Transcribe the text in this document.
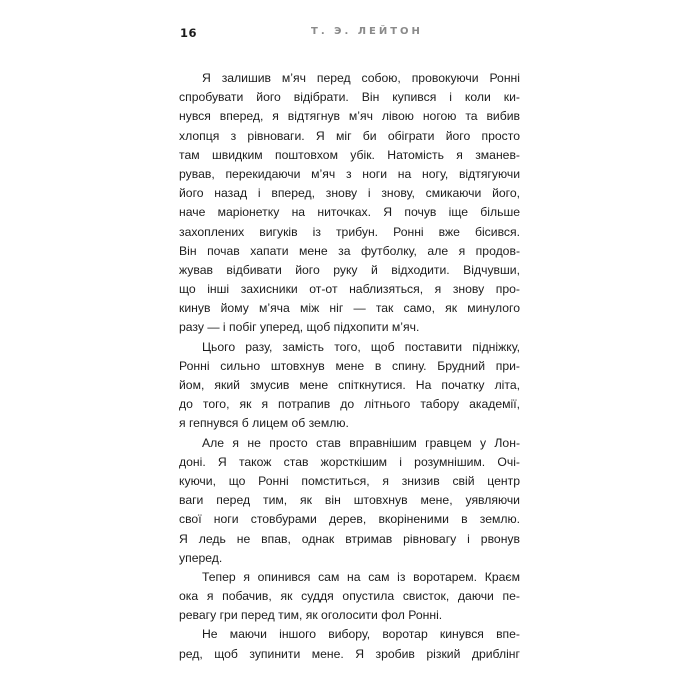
16	Т. Э. ЛЕЙТОН
Я залишив м’яч перед собою, провокуючи Ронні
спробувати його відібрати. Він купився і коли ки-
нувся вперед, я відтягнув м’яч лівою ногою та вибив
хлопця з рівноваги. Я міг би обіграти його просто
там швидким поштовхом убік. Натомість я зманев-
рував, перекидаючи м’яч з ноги на ногу, відтягуючи
його назад і вперед, знову і знову, смикаючи його,
наче маріонетку на ниточках. Я почув іще більше
захоплених вигуків із трибун. Ронні вже бісився.
Він почав хапати мене за футболку, але я продов-
жував відбивати його руку й відходити. Відчувши,
що інші захисники от-от наблизяться, я знову про-
кинув йому м’яча між ніг — так само, як минулого
разу — і побіг уперед, щоб підхопити м’яч.
Цього разу, замість того, щоб поставити підніжку,
Ронні сильно штовхнув мене в спину. Брудний при-
йом, який змусив мене спіткнутися. На початку літа,
до того, як я потрапив до літнього табору академії,
я гепнувся б лицем об землю.
Але я не просто став вправнішим гравцем у Лон-
доні. Я також став жорсткішим і розумнішим. Очі-
куючи, що Ронні помститься, я знизив свій центр
ваги перед тим, як він штовхнув мене, уявляючи
свої ноги стовбурами дерев, вкоріненими в землю.
Я ледь не впав, однак втримав рівновагу і рвонув
уперед.
Тепер я опинився сам на сам із воротарем. Краєм
ока я побачив, як суддя опустила свисток, даючи пе-
ревагу гри перед тим, як оголосити фол Ронні.
Не маючи іншого вибору, воротар кинувся впе-
ред, щоб зупинити мене. Я зробив різкий дриблінг
